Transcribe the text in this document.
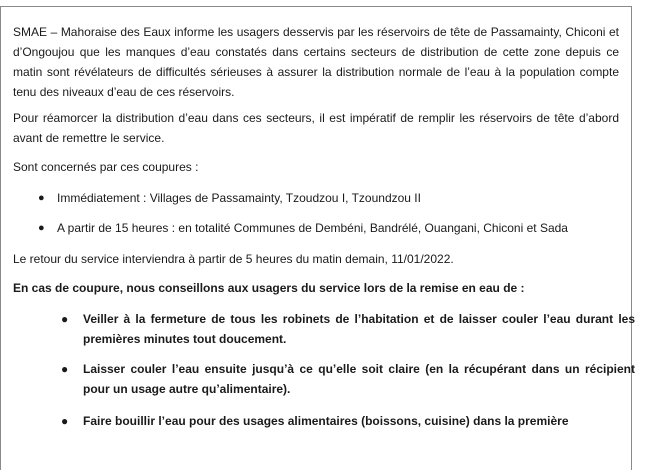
SMAE – Mahoraise des Eaux informe les usagers desservis par les réservoirs de tête de Passamainty, Chiconi et d’Ongoujou que les manques d’eau constatés dans certains secteurs de distribution de cette zone depuis ce matin sont révélateurs de difficultés sérieuses à assurer la distribution normale de l’eau à la population compte tenu des niveaux d’eau de ces réservoirs.

Pour réamorcer la distribution d’eau dans ces secteurs, il est impératif de remplir les réservoirs de tête d’abord avant de remettre le service.

Sont concernés par ces coupures :

● Immédiatement : Villages de Passamainty, Tzoudzou I, Tzoundzou II
● A partir de 15 heures : en totalité Communes de Dembéni, Bandrélé, Ouangani, Chiconi et Sada

Le retour du service interviendra à partir de 5 heures du matin demain, 11/01/2022.

En cas de coupure, nous conseillons aux usagers du service lors de la remise en eau de :

● Veiller à la fermeture de tous les robinets de l’habitation et de laisser couler l’eau durant les premières minutes tout doucement.
● Laisser couler l’eau ensuite jusqu’à ce qu’elle soit claire (en la récupérant dans un récipient pour un usage autre qu’alimentaire).
● Faire bouillir l’eau pour des usages alimentaires (boissons, cuisine) dans la première
